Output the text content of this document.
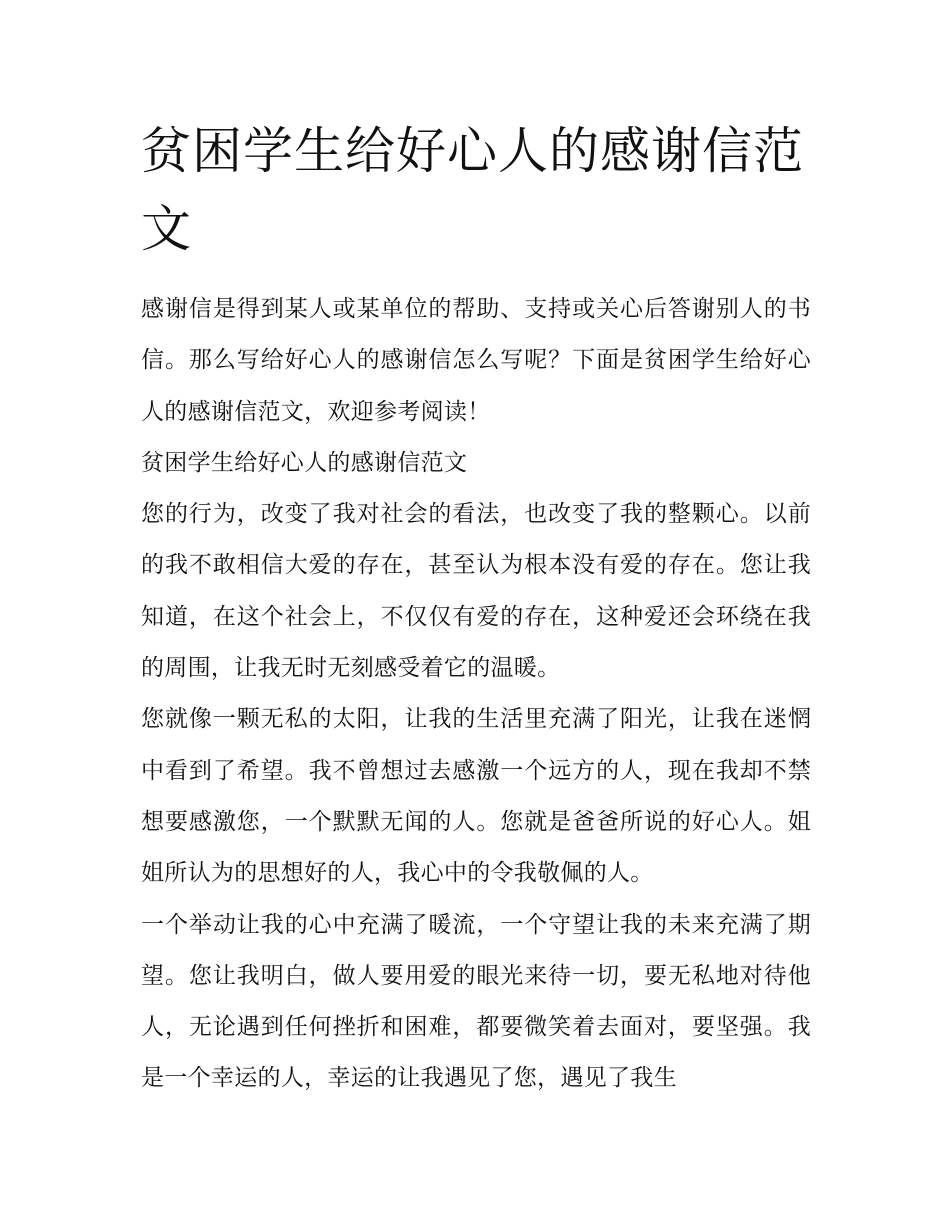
贫困学生给好心人的感谢信范文

感谢信是得到某人或某单位的帮助、支持或关心后答谢别人的书信。那么写给好心人的感谢信怎么写呢？下面是贫困学生给好心人的感谢信范文，欢迎参考阅读！

贫困学生给好心人的感谢信范文

您的行为，改变了我对社会的看法，也改变了我的整颗心。以前的我不敢相信大爱的存在，甚至认为根本没有爱的存在。您让我知道，在这个社会上，不仅仅有爱的存在，这种爱还会环绕在我的周围，让我无时无刻感受着它的温暖。

您就像一颗无私的太阳，让我的生活里充满了阳光，让我在迷惘中看到了希望。我不曾想过去感激一个远方的人，现在我却不禁想要感激您，一个默默无闻的人。您就是爸爸所说的好心人。姐姐所认为的思想好的人，我心中的令我敬佩的人。

一个举动让我的心中充满了暖流，一个守望让我的未来充满了期望。您让我明白，做人要用爱的眼光来待一切，要无私地对待他人，无论遇到任何挫折和困难，都要微笑着去面对，要坚强。我是一个幸运的人，幸运的让我遇见了您，遇见了我生
